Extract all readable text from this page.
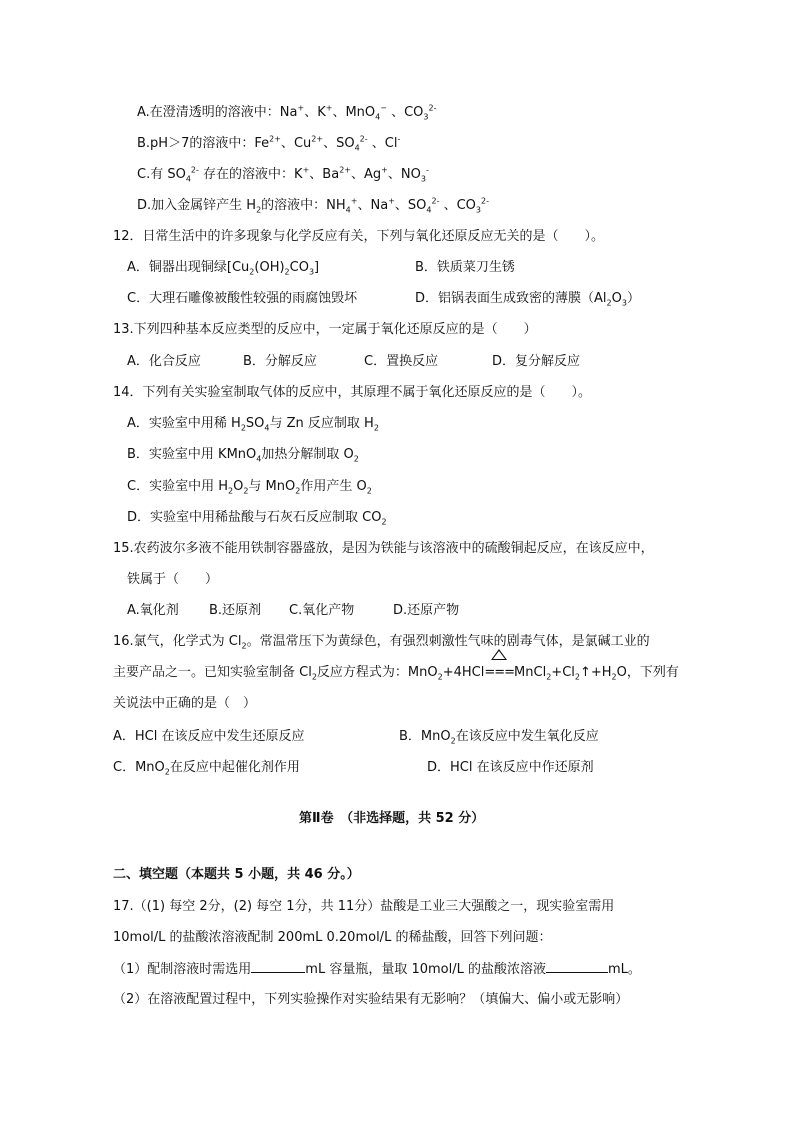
A.在澄清透明的溶液中：Na+、K+、MnO$_4$− 、$CO_3^{2-}$
B.pH＞7的溶液中：$Fe^{2+}$、$Cu^{2+}$、$SO_4^{2-}$ 、Cl-
C.有 $SO_4^{2-}$ 存在的溶液中：K+、$Ba^{2+}$、Ag+、$NO_3^-$
D.加入金属锌产生 $H_2$的溶液中：$NH_4^+$、Na+、$SO_4^{2-}$ 、$CO_3^{2-}$
12．日常生活中的许多现象与化学反应有关，下列与氧化还原反应无关的是（　　）。
A．铜器出现铜绿$[Cu_2(OH)_2CO_3]$	B．铁质菜刀生锈
C．大理石雕像被酸性较强的雨腐蚀毁坏	D．铝锅表面生成致密的薄膜$(Al_2O_3)$
13.下列四种基本反应类型的反应中，一定属于氧化还原反应的是（　　）
A．化合反应	B．分解反应	C．置换反应	D．复分解反应
14．下列有关实验室制取气体的反应中，其原理不属于氧化还原反应的是（　　）。
A．实验室中用稀 $H_2SO_4$与 Zn 反应制取 $H_2$
B．实验室中用 KMnO$_4$加热分解制取 $O_2$
C．实验室中用 $H_2O_2$与 MnO$_2$作用产生 $O_2$
D．实验室中用稀盐酸与石灰石反应制取 $CO_2$
15.农药波尔多液不能用铁制容器盛放，是因为铁能与该溶液中的硫酸铜起反应，在该反应中，
铁属于（　　）
A.氧化剂 B.还原剂 C.氧化产物	D.还原产物
16.氯气，化学式为 $Cl_2$。常温常压下为黄绿色，有强烈刺激性气味的剧毒气体，是氯碱工业的
主要产品之一。已知实验室制备 $Cl_2$反应方程式为：MnO$_2$+4HCl
$===MnCl_2+Cl_2↑+H_2O$，下列有
关说法中正确的是（　）
A．HCl 在该反应中发生还原反应	B．MnO$_2$在该反应中发生氧化反应
C．MnO$_2$在反应中起催化剂作用	D．HCl 在该反应中作还原剂
第Ⅱ卷　（非选择题，共 52 分）
二、填空题（本题共 5 小题，共 46 分。）
17.（(1) 每空 2分，(2) 每空 1分，共 11分）盐酸是工业三大强酸之一，现实验室需用
10mol/L 的盐酸浓溶液配制 200mL 0.20mol/L 的稀盐酸，回答下列问题：
（1）配制溶液时需选用	mL 容量瓶，量取 10mol/L 的盐酸浓溶液	mL。
（2）在溶液配置过程中，下列实验操作对实验结果有无影响？（填偏大、偏小或无影响）
